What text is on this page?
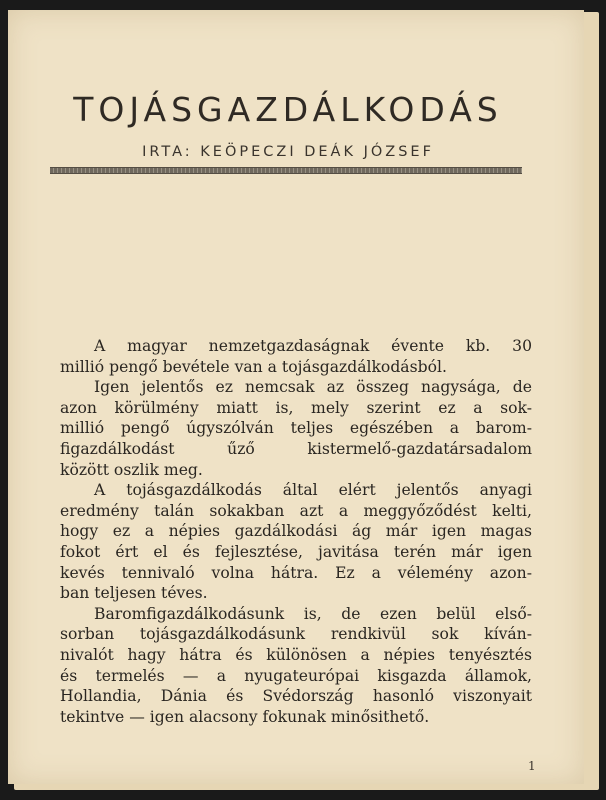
TOJÁSGAZDÁLKODÁS
IRTA: KEÖPECZI DEÁK JÓZSEF
A magyar nemzetgazdaságnak évente kb. 30
millió pengő bevétele van a tojásgazdálkodásból.
Igen jelentős ez nemcsak az összeg nagysága, de
azon körülmény miatt is, mely szerint ez a sok-
millió pengő úgyszólván teljes egészében a barom-
figazdálkodást űző kistermelő-gazdatársadalom
között oszlik meg.
A tojásgazdálkodás által elért jelentős anyagi
eredmény talán sokakban azt a meggyőződést kelti,
hogy ez a népies gazdálkodási ág már igen magas
fokot ért el és fejlesztése, javitása terén már igen
kevés tennivaló volna hátra. Ez a vélemény azon-
ban teljesen téves.
Baromfigazdálkodásunk is, de ezen belül első-
sorban tojásgazdálkodásunk rendkivül sok kíván-
nivalót hagy hátra és különösen a népies tenyésztés
és termelés — a nyugateurópai kisgazda államok,
Hollandia, Dánia és Svédország hasonló viszonyait
tekintve — igen alacsony fokunak minősithető.
1
